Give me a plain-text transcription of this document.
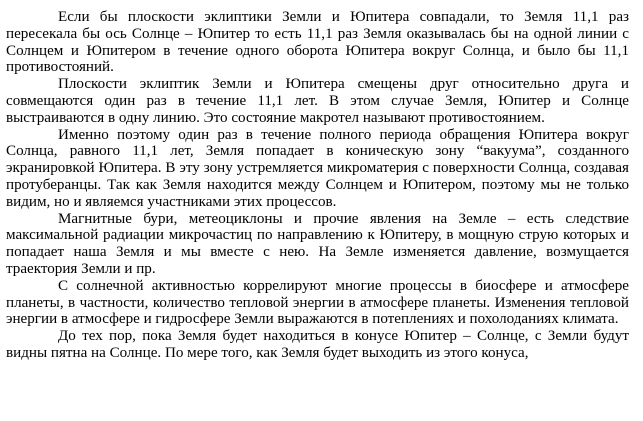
Если бы плоскости эклиптики Земли и Юпитера совпадали, то Земля 11,1 раз пересекала бы ось Солнце – Юпитер то есть 11,1 раз Земля оказывалась бы на одной линии с Солнцем и Юпитером в течение одного оборота Юпитера вокруг Солнца, и было бы 11,1 противостояний.

Плоскости эклиптик Земли и Юпитера смещены друг относительно друга и совмещаются один раз в течение 11,1 лет. В этом случае Земля, Юпитер и Солнце выстраиваются в одну линию. Это состояние макротел называют противостоянием.

Именно поэтому один раз в течение полного периода обращения Юпитера вокруг Солнца, равного 11,1 лет, Земля попадает в коническую зону “вакуума”, созданного экранировкой Юпитера. В эту зону устремляется микроматерия с поверхности Солнца, создавая протуберанцы. Так как Земля находится между Солнцем и Юпитером, поэтому мы не только видим, но и являемся участниками этих процессов.

Магнитные бури, метеоциклоны и прочие явления на Земле – есть следствие максимальной радиации микрочастиц по направлению к Юпитеру, в мощную струю которых и попадает наша Земля и мы вместе с нею. На Земле изменяется давление, возмущается траектория Земли и пр.

С солнечной активностью коррелируют многие процессы в биосфере и атмосфере планеты, в частности, количество тепловой энергии в атмосфере планеты. Изменения тепловой энергии в атмосфере и гидросфере Земли выражаются в потеплениях и похолоданиях климата.

До тех пор, пока Земля будет находиться в конусе Юпитер – Солнце, с Земли будут видны пятна на Солнце. По мере того, как Земля будет выходить из этого конуса,
